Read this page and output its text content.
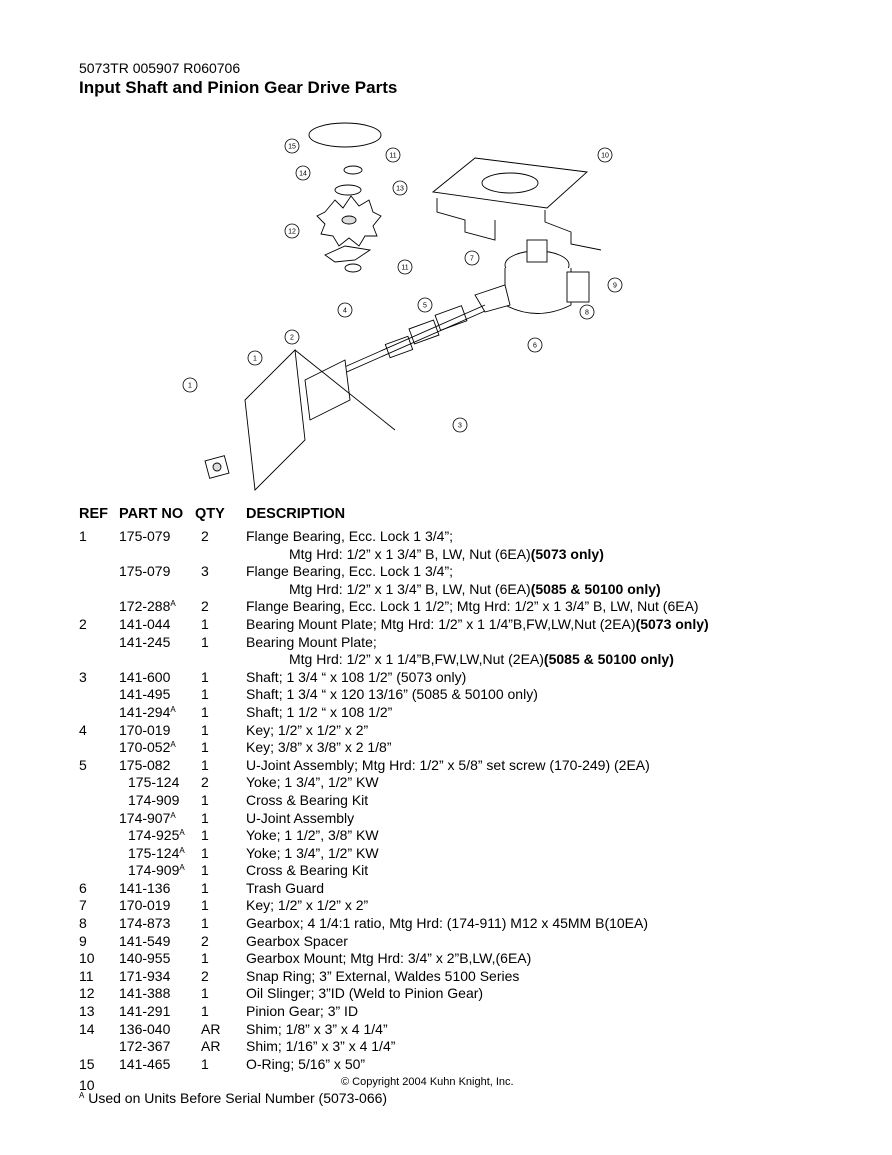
5073TR 005907 R060706
Input Shaft and Pinion Gear Drive Parts
1
1
2
3
4
5
6
7
8
9
10
11
11
12
13
14
15
REF PART NO QTY DESCRIPTION
1 175-079 2	Flange Bearing, Ecc. Lock 1 3/4”;
Mtg Hrd: 1/2” x 1 3/4” B, LW, Nut (6EA)(5073 only)
175-079 3	Flange Bearing, Ecc. Lock 1 3/4”;
Mtg Hrd: 1/2” x 1 3/4” B, LW, Nut (6EA)(5085 & 50100 only)
$172-288^A$ 2	Flange Bearing, Ecc. Lock 1 1/2”; Mtg Hrd: 1/2” x 1 3/4” B, LW, Nut (6EA)
2 141-044 1	Bearing Mount Plate; Mtg Hrd: 1/2” x 1 1/4”B,FW,LW,Nut (2EA)(5073 only)
141-245 1	Bearing Mount Plate;
Mtg Hrd: 1/2” x 1 1/4”B,FW,LW,Nut (2EA)(5085 & 50100 only)
3 141-600 1	Shaft; 1 3/4 “ x 108 1/2” (5073 only)
141-495 1	Shaft; 1 3/4 “ x 120 13/16” (5085 & 50100 only)
$141-294^A$ 1	Shaft; 1 1/2 “ x 108 1/2”
4 170-019 1	Key; 1/2” x 1/2” x 2”
$170-052^A$ 1	Key; 3/8” x 3/8” x 2 1/8”
5 175-082 1	U-Joint Assembly; Mtg Hrd: 1/2” x 5/8” set screw (170-249) (2EA)
175-124 2	Yoke; 1 3/4”, 1/2” KW
174-909 1	Cross & Bearing Kit
$174-907^A$ 1	U-Joint Assembly
$174-925^A$ 1	Yoke; 1 1/2”, 3/8” KW
$175-124^A$ 1	Yoke; 1 3/4”, 1/2” KW
$174-909^A$ 1	Cross & Bearing Kit
6 141-136 1	Trash Guard
7 170-019 1	Key; 1/2” x 1/2” x 2”
8 174-873 1	Gearbox; 4 1/4:1 ratio, Mtg Hrd: (174-911) M12 x 45MM B(10EA)
9 141-549 2	Gearbox Spacer
10 140-955 1	Gearbox Mount; Mtg Hrd: 3/4” x 2”B,LW,(6EA)
11 171-934 2	Snap Ring; 3” External, Waldes 5100 Series
12 141-388 1	Oil Slinger; 3”ID (Weld to Pinion Gear)
13 141-291 1	Pinion Gear; 3” ID
14 136-040 AR Shim; 1/8” x 3” x 4 1/4”
172-367 AR Shim; 1/16” x 3” x 4 1/4”
15 141-465 1	O-Ring; 5/16” x 50”
10	© Copyright 2004 Kuhn Knight, Inc.
$^A$ Used on Units Before Serial Number (5073-066)
